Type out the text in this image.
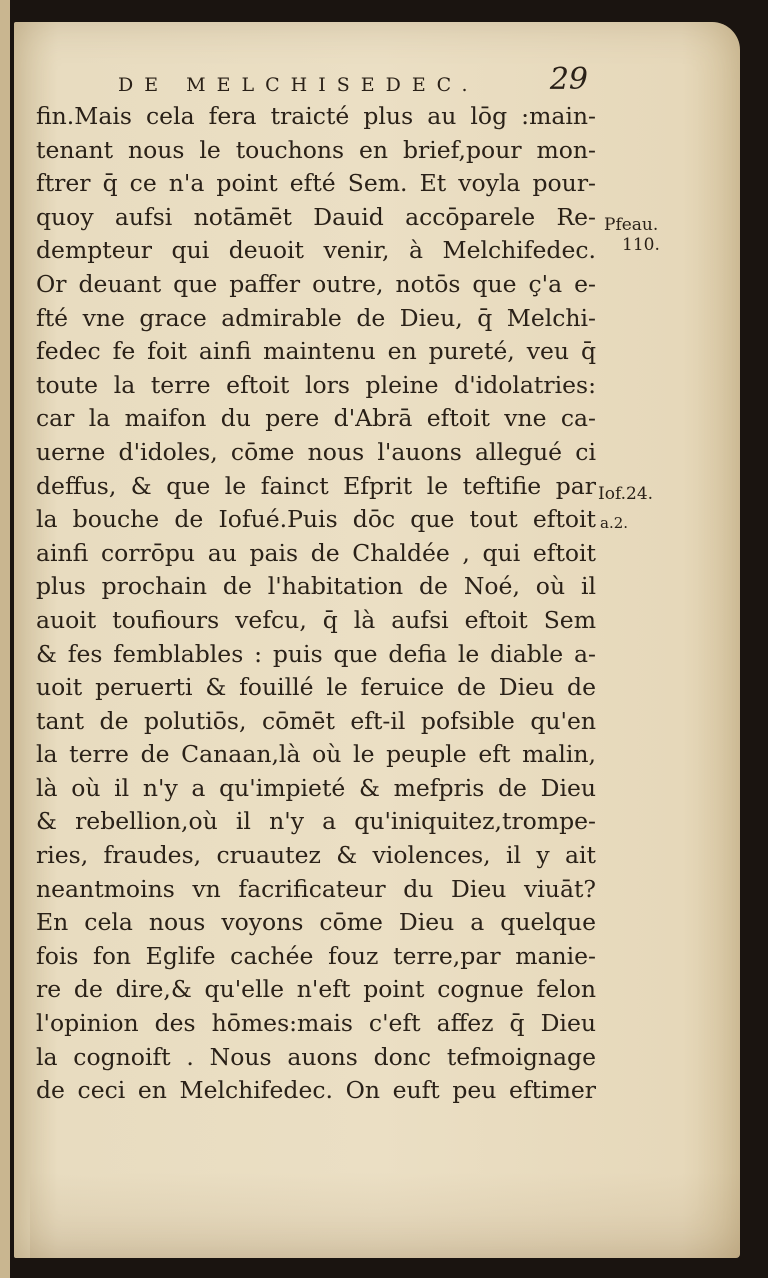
DE MELCHISEDEC. 29
fin.Mais cela fera traicté plus au lōg :main-
tenant nous le touchons en brief,pour mon-
ftrer q̄ ce n'a point efté Sem. Et voyla pour-
quoy aufsi notāmēt Dauid accōparele Re-
dempteur qui deuoit venir, à Melchifedec.
Or deuant que paffer outre, notōs que ç'a e-
fté vne grace admirable de Dieu, q̄ Melchi-
fedec fe foit ainfi maintenu en pureté, veu q̄
toute la terre eftoit lors pleine d'idolatries:
car la maifon du pere d'Abrā eftoit vne ca-
uerne d'idoles, cōme nous l'auons allegué ci
deffus, & que le fainct Efprit le teftifie par
la bouche de Iofué.Puis dōc que tout eftoit
ainfi corrōpu au pais de Chaldée , qui eftoit
plus prochain de l'habitation de Noé, où il
auoit toufiours vefcu, q̄ là aufsi eftoit Sem
& fes femblables : puis que defia le diable a-
uoit peruerti & fouillé le feruice de Dieu de
tant de polutiōs, cōmēt eft-il pofsible qu'en
la terre de Canaan,là où le peuple eft malin,
là où il n'y a qu'impieté & mefpris de Dieu
& rebellion,où il n'y a qu'iniquitez,trompe-
ries, fraudes, cruautez & violences, il y ait
neantmoins vn facrificateur du Dieu viuāt?
En cela nous voyons cōme Dieu a quelque
fois fon Eglife cachée fouz terre,par manie-
re de dire,& qu'elle n'eft point cognue felon
l'opinion des hōmes:mais c'eft affez q̄ Dieu
la cognoift . Nous auons donc tefmoignage
de ceci en Melchifedec. On euft peu eftimer
Pfeau.
110.
Iof.24.
a.2.
